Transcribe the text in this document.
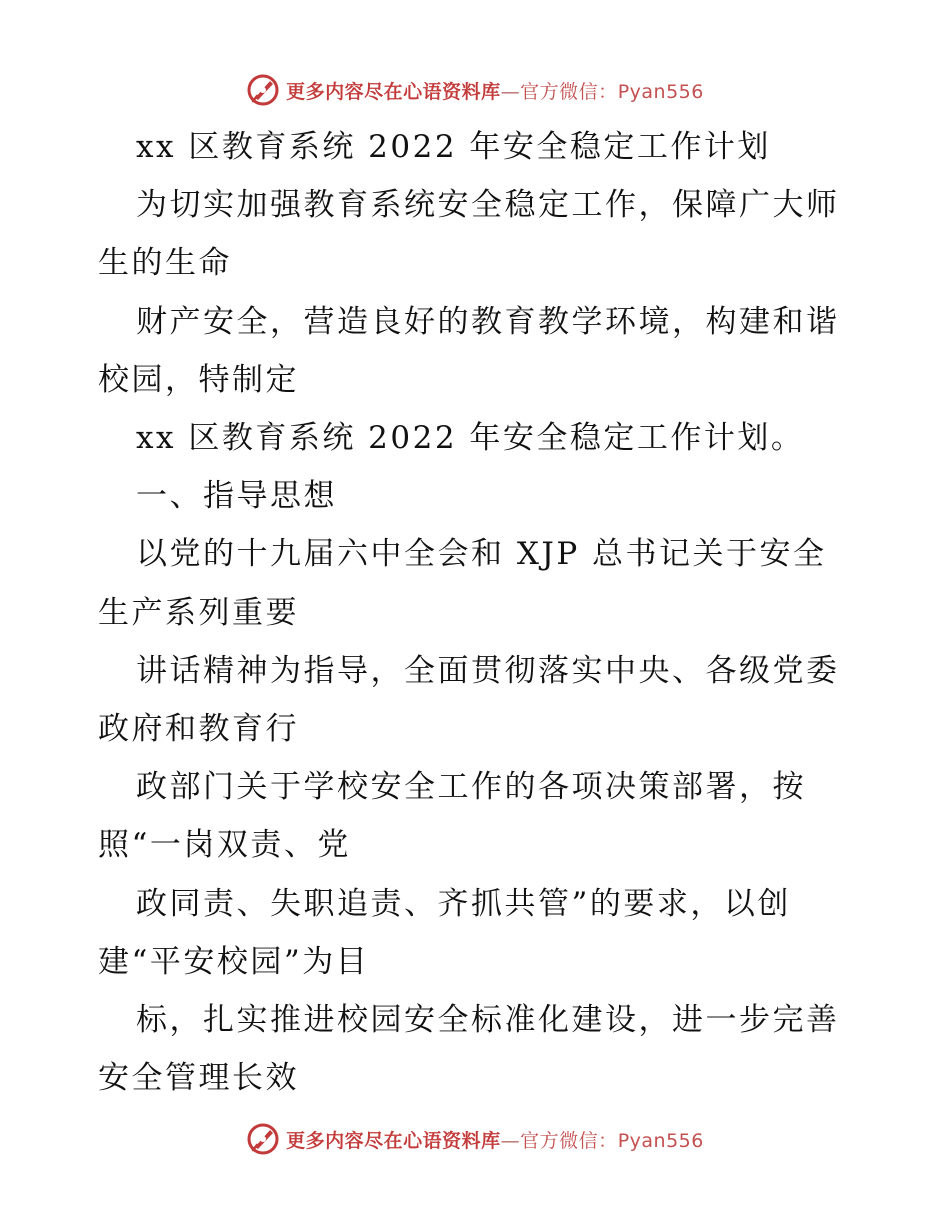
更多内容尽在心语资料库—官方微信：Pyan556
xx 区教育系统 2022 年安全稳定工作计划
为切实加强教育系统安全稳定工作，保障广大师
生的生命
财产安全，营造良好的教育教学环境，构建和谐
校园，特制定
xx 区教育系统 2022 年安全稳定工作计划。
一、指导思想
以党的十九届六中全会和 XJP 总书记关于安全
生产系列重要
讲话精神为指导，全面贯彻落实中央、各级党委
政府和教育行
政部门关于学校安全工作的各项决策部署，按
照“一岗双责、党
政同责、失职追责、齐抓共管”的要求，以创
建“平安校园”为目
标，扎实推进校园安全标准化建设，进一步完善
安全管理长效
更多内容尽在心语资料库—官方微信：Pyan556
